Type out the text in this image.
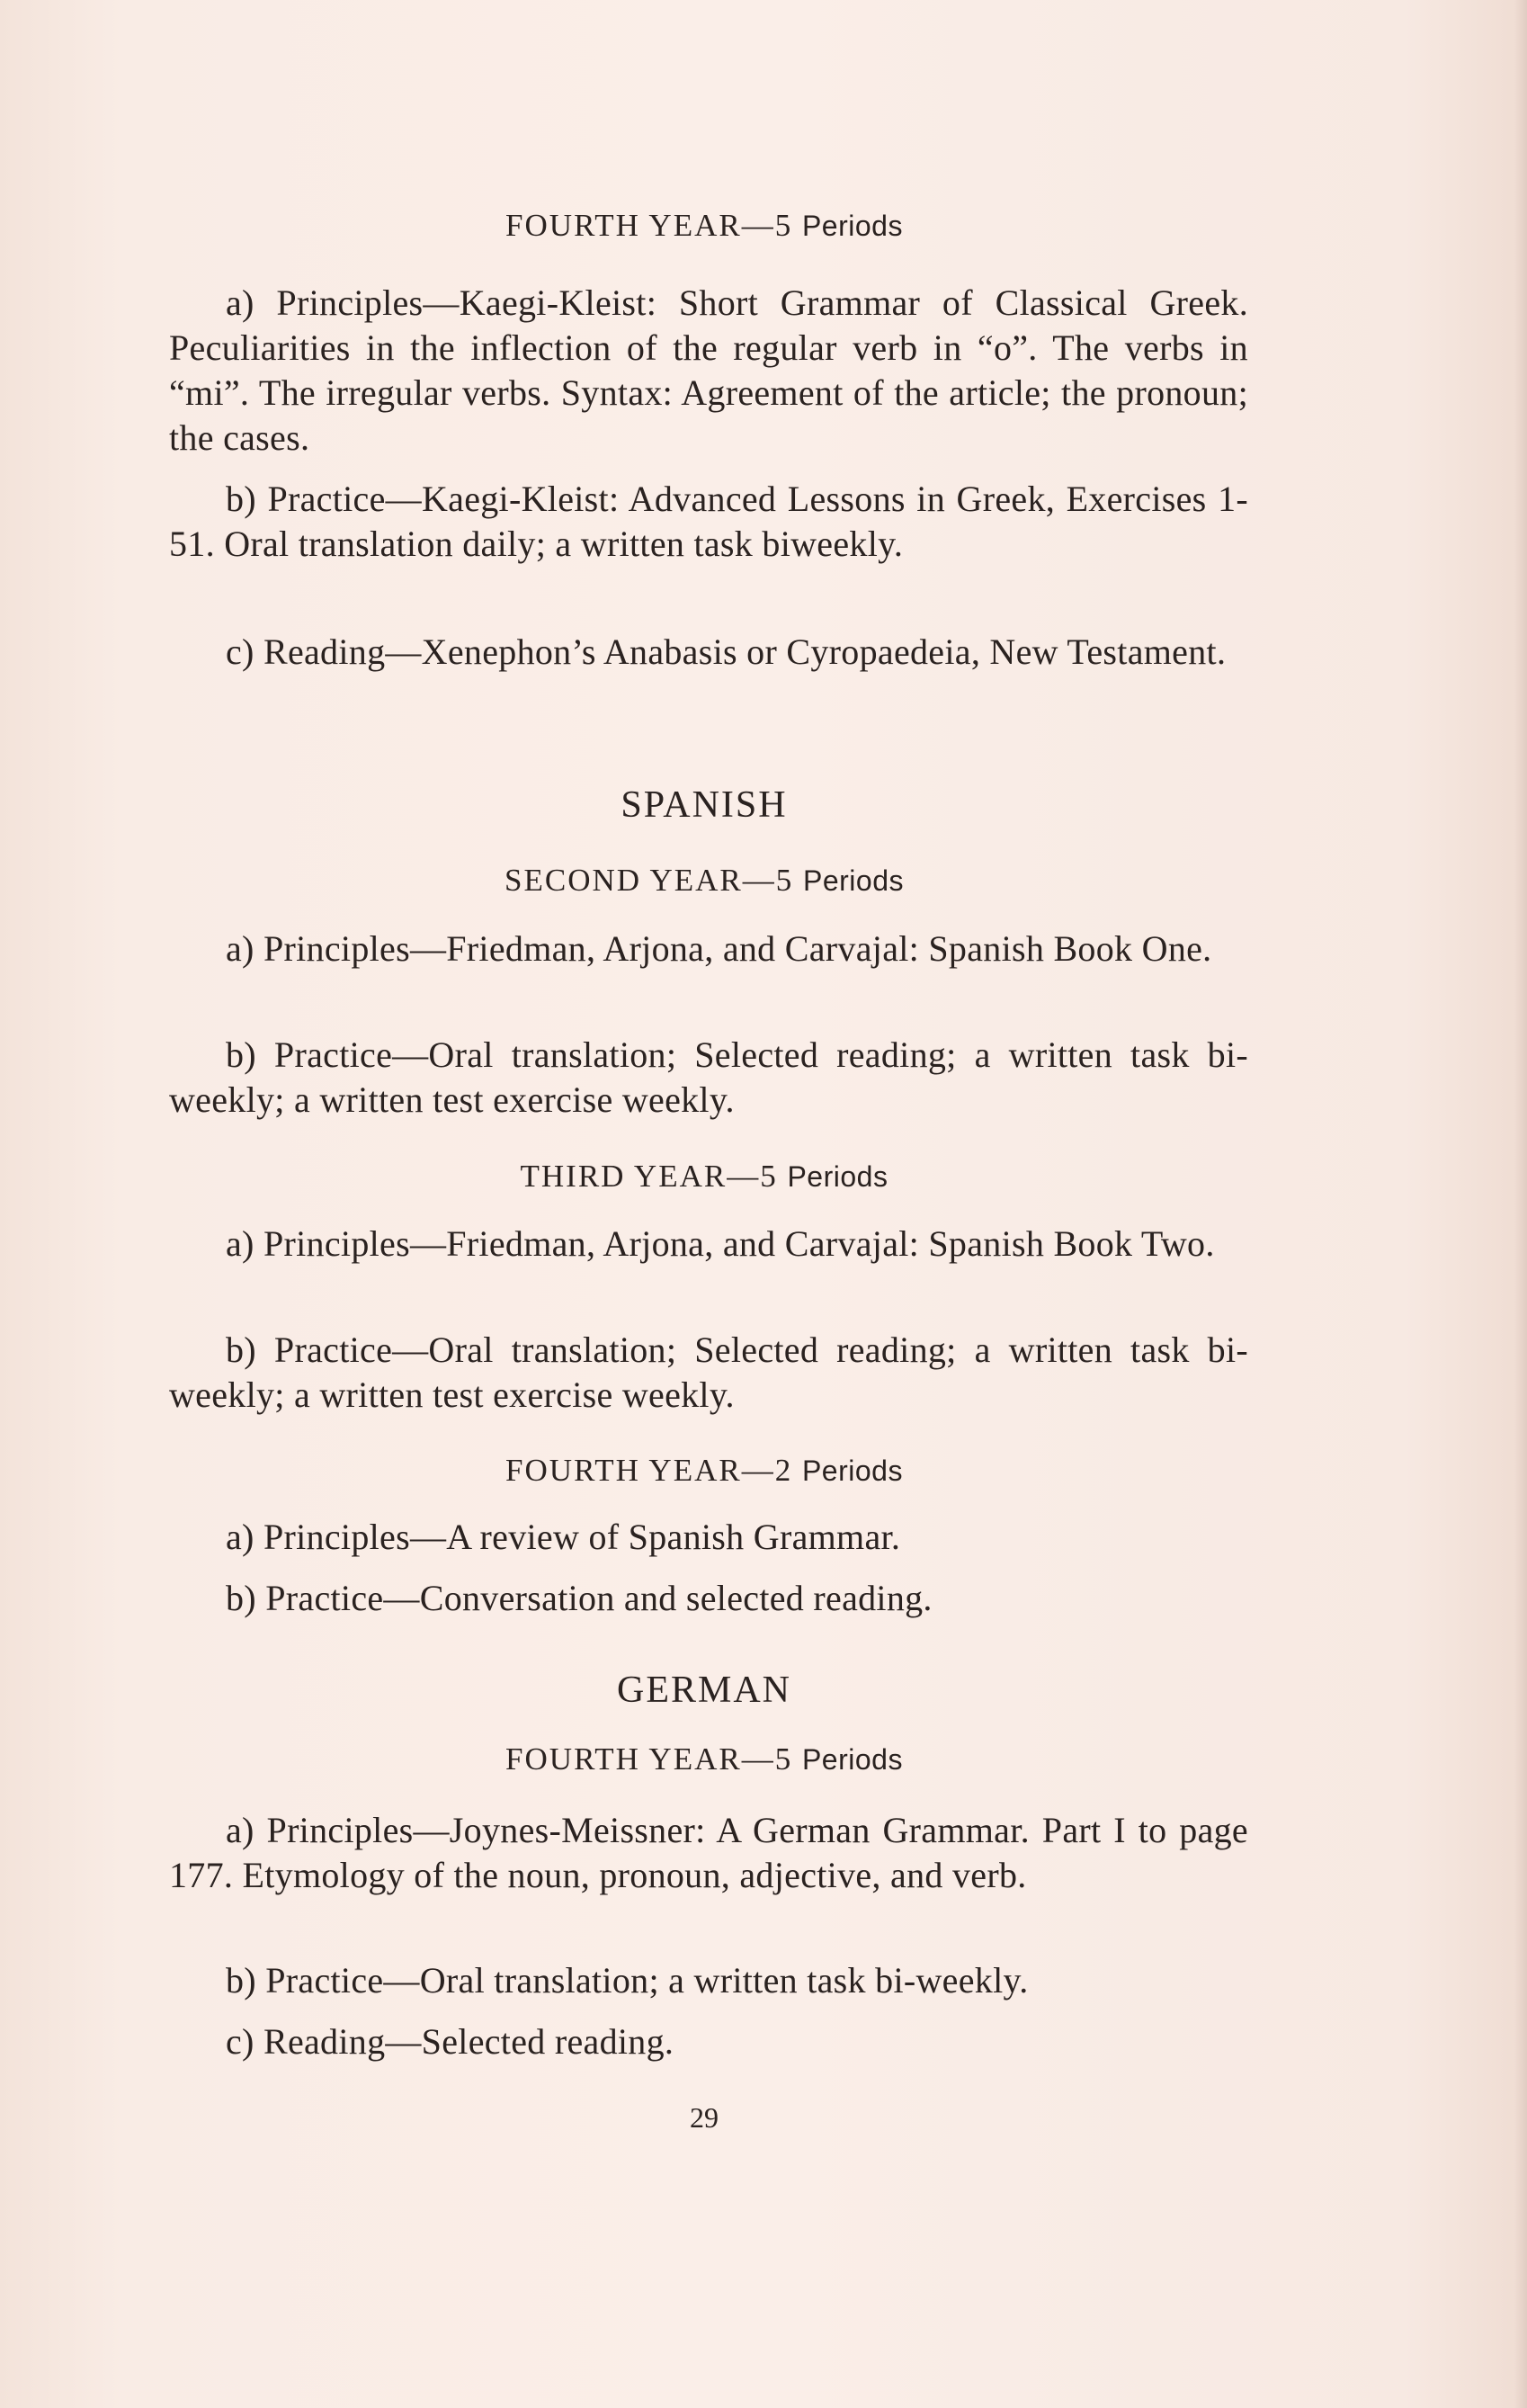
FOURTH YEAR—5 Periods
a) Principles—Kaegi-Kleist: Short Grammar of Classical Greek. Peculiarities in the inflection of the regular verb in “o”. The verbs in “mi”. The irregular verbs. Syntax: Agreement of the article; the pronoun; the cases.
b) Practice—Kaegi-Kleist: Advanced Lessons in Greek, Exercises 1-51. Oral translation daily; a written task biweekly.
c) Reading—Xenephon’s Anabasis or Cyropaedeia, New Testament.
SPANISH
SECOND YEAR—5 Periods
a) Principles—Friedman, Arjona, and Carvajal: Spanish Book One.
b) Practice—Oral translation; Selected reading; a written task bi-weekly; a written test exercise weekly.
THIRD YEAR—5 Periods
a) Principles—Friedman, Arjona, and Carvajal: Spanish Book Two.
b) Practice—Oral translation; Selected reading; a written task bi-weekly; a written test exercise weekly.
FOURTH YEAR—2 Periods
a) Principles—A review of Spanish Grammar.
b) Practice—Conversation and selected reading.
GERMAN
FOURTH YEAR—5 Periods
a) Principles—Joynes-Meissner: A German Grammar. Part I to page 177. Etymology of the noun, pronoun, adjective, and verb.
b) Practice—Oral translation; a written task bi-weekly.
c) Reading—Selected reading.
29
